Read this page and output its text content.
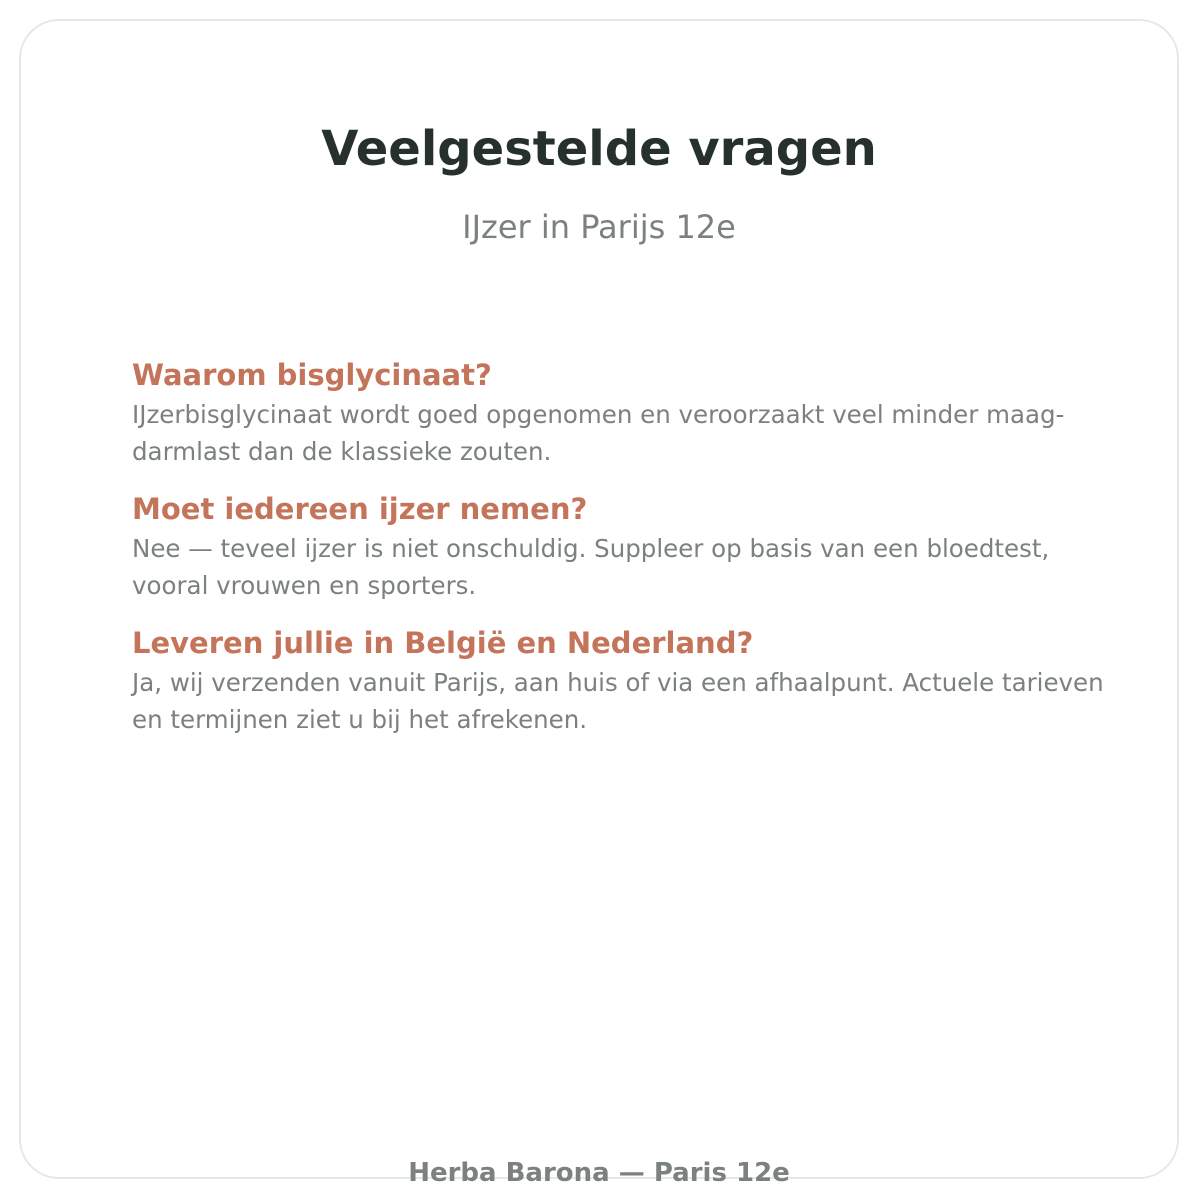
Veelgestelde vragen
IJzer in Parijs 12e
Waarom bisglycinaat?
IJzerbisglycinaat wordt goed opgenomen en veroorzaakt veel minder maag-darmlast dan de klassieke zouten.
Moet iedereen ijzer nemen?
Nee — teveel ijzer is niet onschuldig. Suppleer op basis van een bloedtest, vooral vrouwen en sporters.
Leveren jullie in België en Nederland?
Ja, wij verzenden vanuit Parijs, aan huis of via een afhaalpunt. Actuele tarieven en termijnen ziet u bij het afrekenen.
Herba Barona — Paris 12e
